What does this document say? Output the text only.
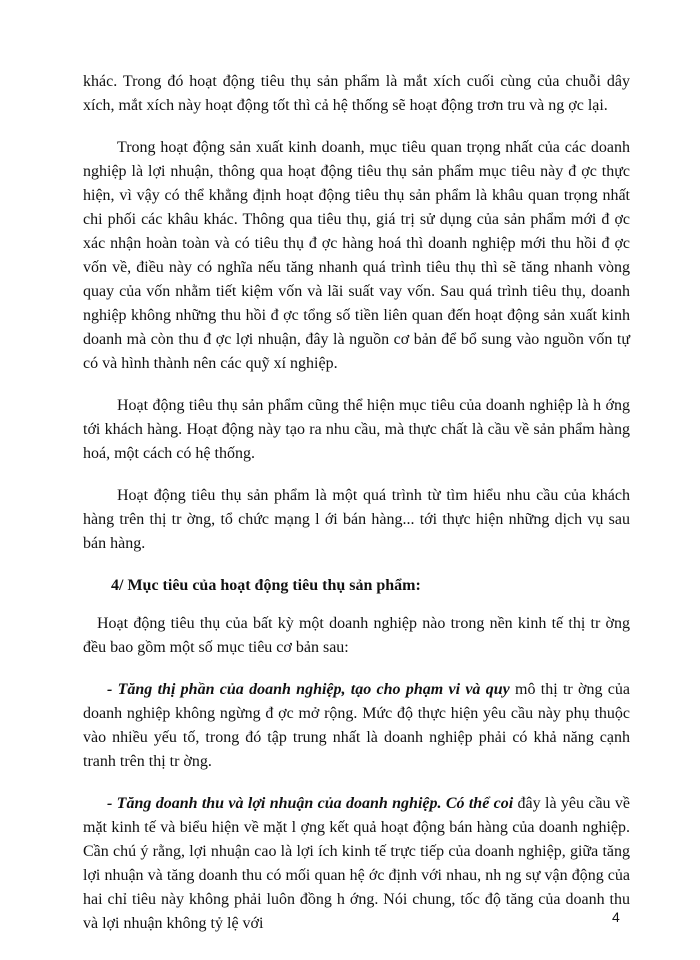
khác. Trong đó hoạt động tiêu thụ sản phẩm là mắt xích cuối cùng của chuỗi dây xích, mắt xích này hoạt động tốt thì cả hệ thống sẽ hoạt động trơn tru và ng ợc lại.

Trong hoạt động sản xuất kinh doanh, mục tiêu quan trọng nhất của các doanh nghiệp là lợi nhuận, thông qua hoạt động tiêu thụ sản phẩm mục tiêu này đ ợc thực hiện, vì vậy có thể khẳng định hoạt động tiêu thụ sản phẩm là khâu quan trọng nhất chi phối các khâu khác. Thông qua tiêu thụ, giá trị sử dụng của sản phẩm mới đ ợc xác nhận hoàn toàn và có tiêu thụ đ ợc hàng hoá thì doanh nghiệp mới thu hồi đ ợc vốn về, điều này có nghĩa nếu tăng nhanh quá trình tiêu thụ thì sẽ tăng nhanh vòng quay của vốn nhằm tiết kiệm vốn và lãi suất vay vốn. Sau quá trình tiêu thụ, doanh nghiệp không những thu hồi đ ợc tổng số tiền liên quan đến hoạt động sản xuất kinh doanh mà còn thu đ ợc lợi nhuận, đây là nguồn cơ bản để bổ sung vào nguồn vốn tự có và hình thành nên các quỹ xí nghiệp.

Hoạt động tiêu thụ sản phẩm cũng thể hiện mục tiêu của doanh nghiệp là h ớng tới khách hàng. Hoạt động này tạo ra nhu cầu, mà thực chất là cầu về sản phẩm hàng hoá, một cách có hệ thống.

Hoạt động tiêu thụ sản phẩm là một quá trình từ tìm hiểu nhu cầu của khách hàng trên thị tr ờng, tổ chức mạng l ới bán hàng... tới thực hiện những dịch vụ sau bán hàng.

4/ Mục tiêu của hoạt động tiêu thụ sản phẩm:

Hoạt động tiêu thụ của bất kỳ một doanh nghiệp nào trong nền kinh tế thị tr ờng đều bao gồm một số mục tiêu cơ bản sau:

- Tăng thị phần của doanh nghiệp, tạo cho phạm vi và quy mô thị tr ờng của doanh nghiệp không ngừng đ ợc mở rộng. Mức độ thực hiện yêu cầu này phụ thuộc vào nhiều yếu tố, trong đó tập trung nhất là doanh nghiệp phải có khả năng cạnh tranh trên thị tr ờng.

- Tăng doanh thu và lợi nhuận của doanh nghiệp. Có thể coi đây là yêu cầu về mặt kinh tế và biểu hiện về mặt l ợng kết quả hoạt động bán hàng của doanh nghiệp. Cần chú ý rằng, lợi nhuận cao là lợi ích kinh tế trực tiếp của doanh nghiệp, giữa tăng lợi nhuận và tăng doanh thu có mối quan hệ ớc định với nhau, nh ng sự vận động của hai chỉ tiêu này không phải luôn đồng h ớng. Nói chung, tốc độ tăng của doanh thu và lợi nhuận không tỷ lệ với	4
